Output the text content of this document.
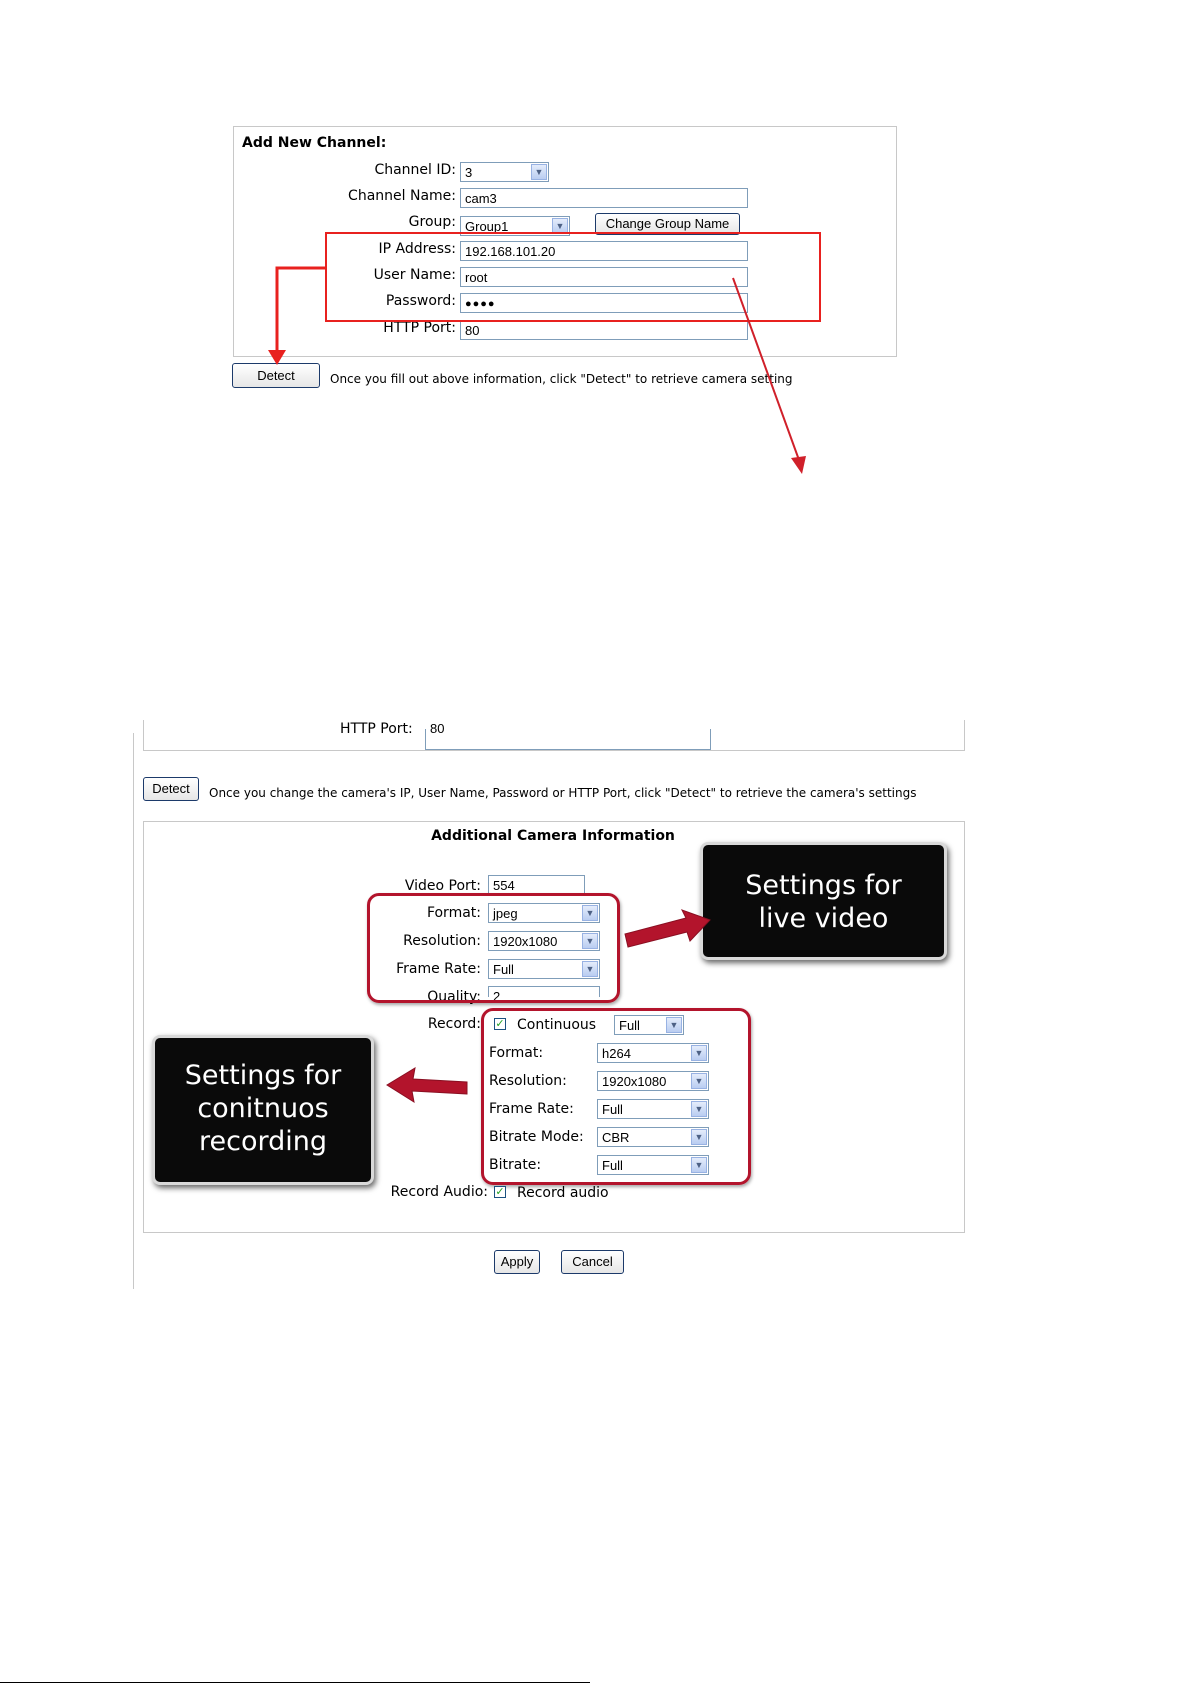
Add New Channel:
Channel ID: 3	▼
Channel Name: cam3
Group: Group1	▼	Change Group Name
IP Address: 192.168.101.20
User Name: root
Password: ●●●●
HTTP Port: 80
Detect	Once you fill out above information, click "Detect" to retrieve camera setting
HTTP Port:	80
Detect	Once you change the camera's IP, User Name, Password or HTTP Port, click "Detect" to retrieve the camera's settings
Additional Camera Information
Video Port: 554
Format: jpeg	▼
Resolution: 1920x1080	▼
Frame Rate: Full	▼
Quality: 2
Record: ✓ Continuous	Full	▼
Format:	h264	▼
Resolution:	1920x1080	▼
Frame Rate:	Full	▼
Bitrate Mode:	CBR	▼
Bitrate:	Full	▼
Record Audio: ✓ Record audio
Settings for live video
Settings for conitnuos recording
Apply	Cancel
